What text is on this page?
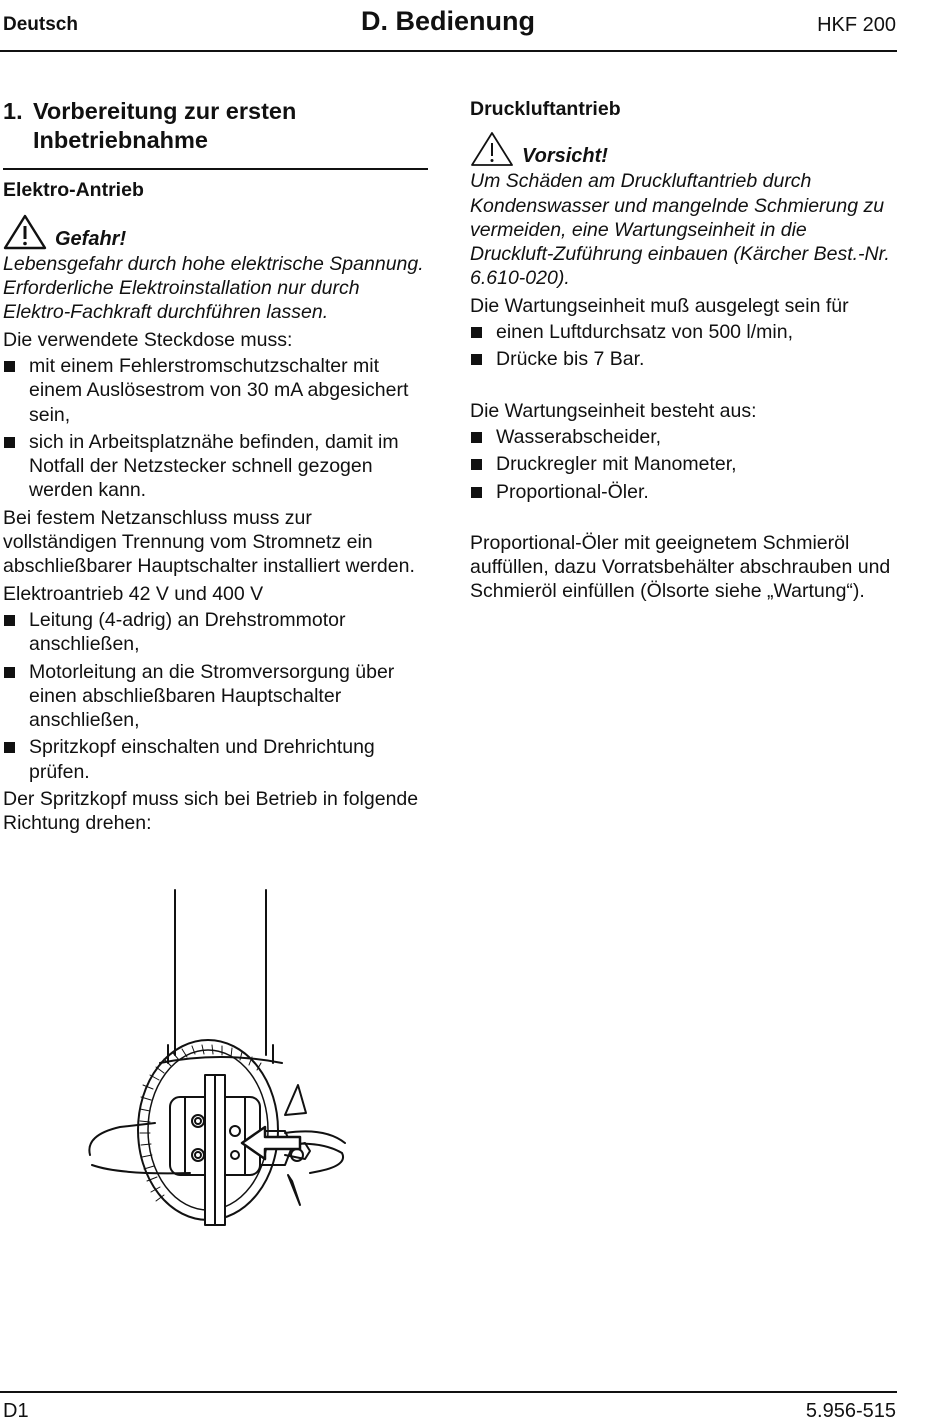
Deutsch	D. Bedienung	HKF 200
1. Vorbereitung zur ersten Inbetriebnahme
Elektro-Antrieb
Gefahr!

Lebensgefahr durch hohe elektrische Spannung. Erforderliche Elektroinstallation nur durch Elektro-Fachkraft durchführen lassen.

Die verwendete Steckdose muss:

mit einem Fehlerstromschutzschalter mit einem Auslösestrom von 30 mA abgesichert sein,
sich in Arbeitsplatznähe befinden, damit im Notfall der Netzstecker schnell gezogen werden kann.

Bei festem Netzanschluss muss zur vollständigen Trennung vom Stromnetz ein abschließbarer Hauptschalter installiert werden.

Elektroantrieb 42 V und 400 V

Leitung (4-adrig) an Drehstrommotor anschließen,
Motorleitung an die Stromversorgung über einen abschließbaren Hauptschalter anschließen,
Spritzkopf einschalten und Drehrichtung prüfen.

Der Spritzkopf muss sich bei Betrieb in folgende Richtung drehen:

Druckluftantrieb
Vorsicht!

Um Schäden am Druckluftantrieb durch Kondenswasser und mangelnde Schmierung zu vermeiden, eine Wartungseinheit in die Druckluft-Zuführung einbauen (Kärcher Best.-Nr. 6.610-020).

Die Wartungseinheit muß ausgelegt sein für

einen Luftdurchsatz von 500 l/min,
Drücke bis 7 Bar.

Die Wartungseinheit besteht aus:

Wasserabscheider,
Druckregler mit Manometer,
Proportional-Öler.

Proportional-Öler mit geeignetem Schmieröl auffüllen, dazu Vorratsbehälter abschrauben und Schmieröl einfüllen (Ölsorte siehe „Wartung“).

D1	5.956-515
